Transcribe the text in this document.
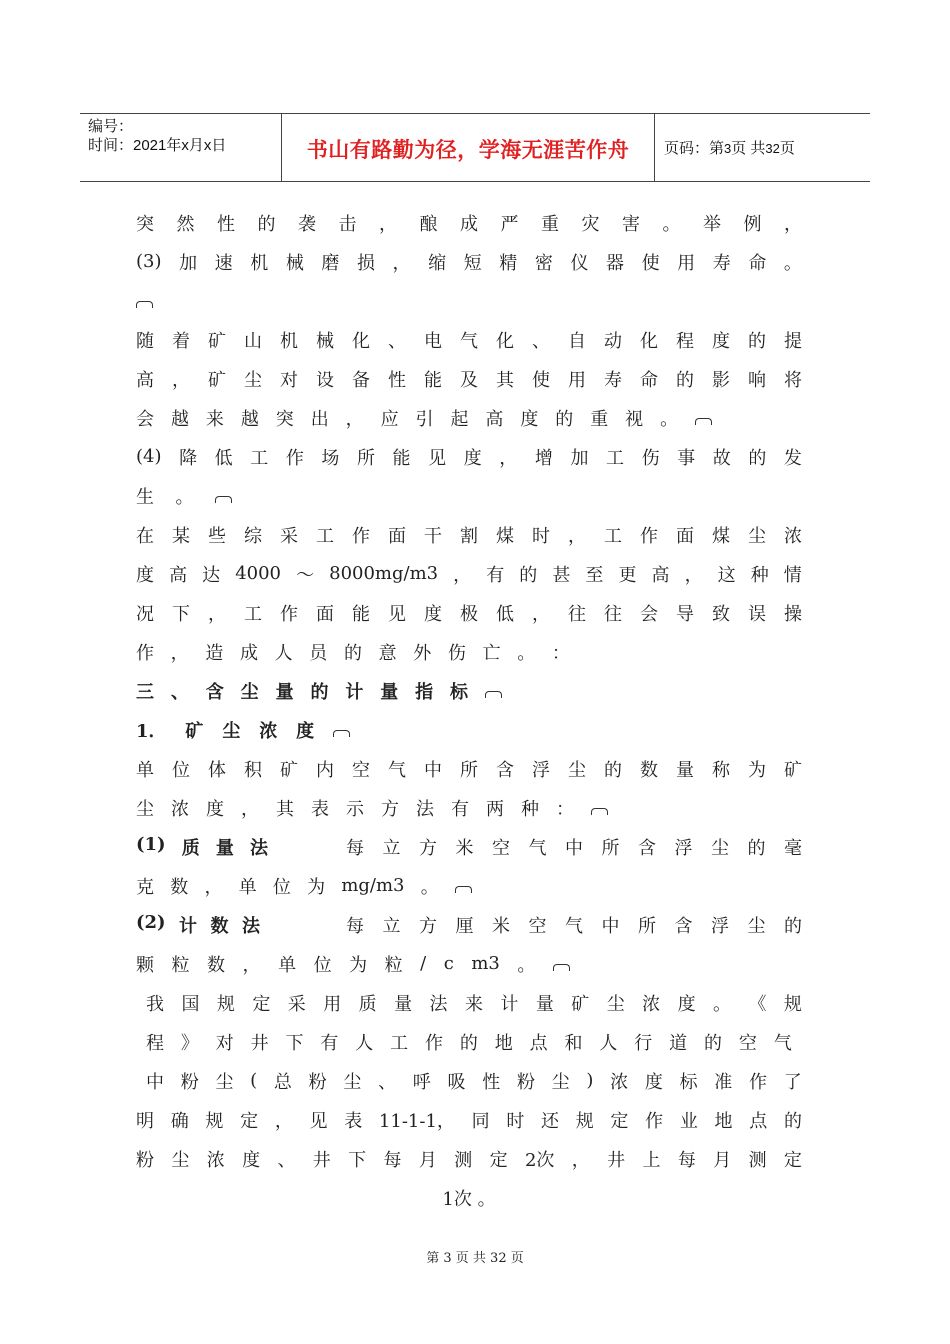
编号：
时间：2021年x月x日	书山有路勤为径，学海无涯苦作舟	页码：第3页 共32页
突 然 性 的 袭 击 ， 酿 成 严 重 灾 害 。 举 例 ，
(3) 加 速 机 械 磨 损 ， 缩 短 精 密 仪 器 使 用 寿 命 。
随 着 矿 山 机 械 化 、 电 气 化 、 自 动 化 程 度 的 提
高 ， 矿 尘 对 设 备 性 能 及 其 使 用 寿 命 的 影 响 将
会 越 来 越 突 出 ， 应 引 起 高 度 的 重 视 。
(4) 降 低 工 作 场 所 能 见 度 ， 增 加 工 伤 事 故 的 发
生 。
在 某 些 综 采 工 作 面 干 割 煤 时 ， 工 作 面 煤 尘 浓
度 高 达 4000 ～ 8000mg/m3 ， 有 的 甚 至 更 高 ， 这 种 情
况 下 ， 工 作 面 能 见 度 极 低 ， 往 往 会 导 致 误 操
作 ， 造 成 人 员 的 意 外 伤 亡 。 ：
三 、 含 尘 量 的 计 量 指 标
1． 矿 尘 浓 度
单 位 体 积 矿 内 空 气 中 所 含 浮 尘 的 数 量 称 为 矿
尘 浓 度 ， 其 表 示 方 法 有 两 种 ：
(1) 质 量 法	每 立 方 米 空 气 中 所 含 浮 尘 的 毫
克 数 ， 单 位 为 mg/m3 。
(2) 计 数 法	每 立 方 厘 米 空 气 中 所 含 浮 尘 的
颗 粒 数 ， 单 位 为 粒 / c m3 。
我 国 规 定 采 用 质 量 法 来 计 量 矿 尘 浓 度 。 《 规
程 》 对 井 下 有 人 工 作 的 地 点 和 人 行 道 的 空 气
中 粉 尘 ( 总 粉 尘 、 呼 吸 性 粉 尘 ) 浓 度 标 准 作 了
明 确 规 定 ， 见 表 11-1-1， 同 时 还 规 定 作 业 地 点 的
粉 尘 浓 度 、 井 下 每 月 测 定 2次 ， 井 上 每 月 测 定
1次 。
第 3 页 共 32 页
